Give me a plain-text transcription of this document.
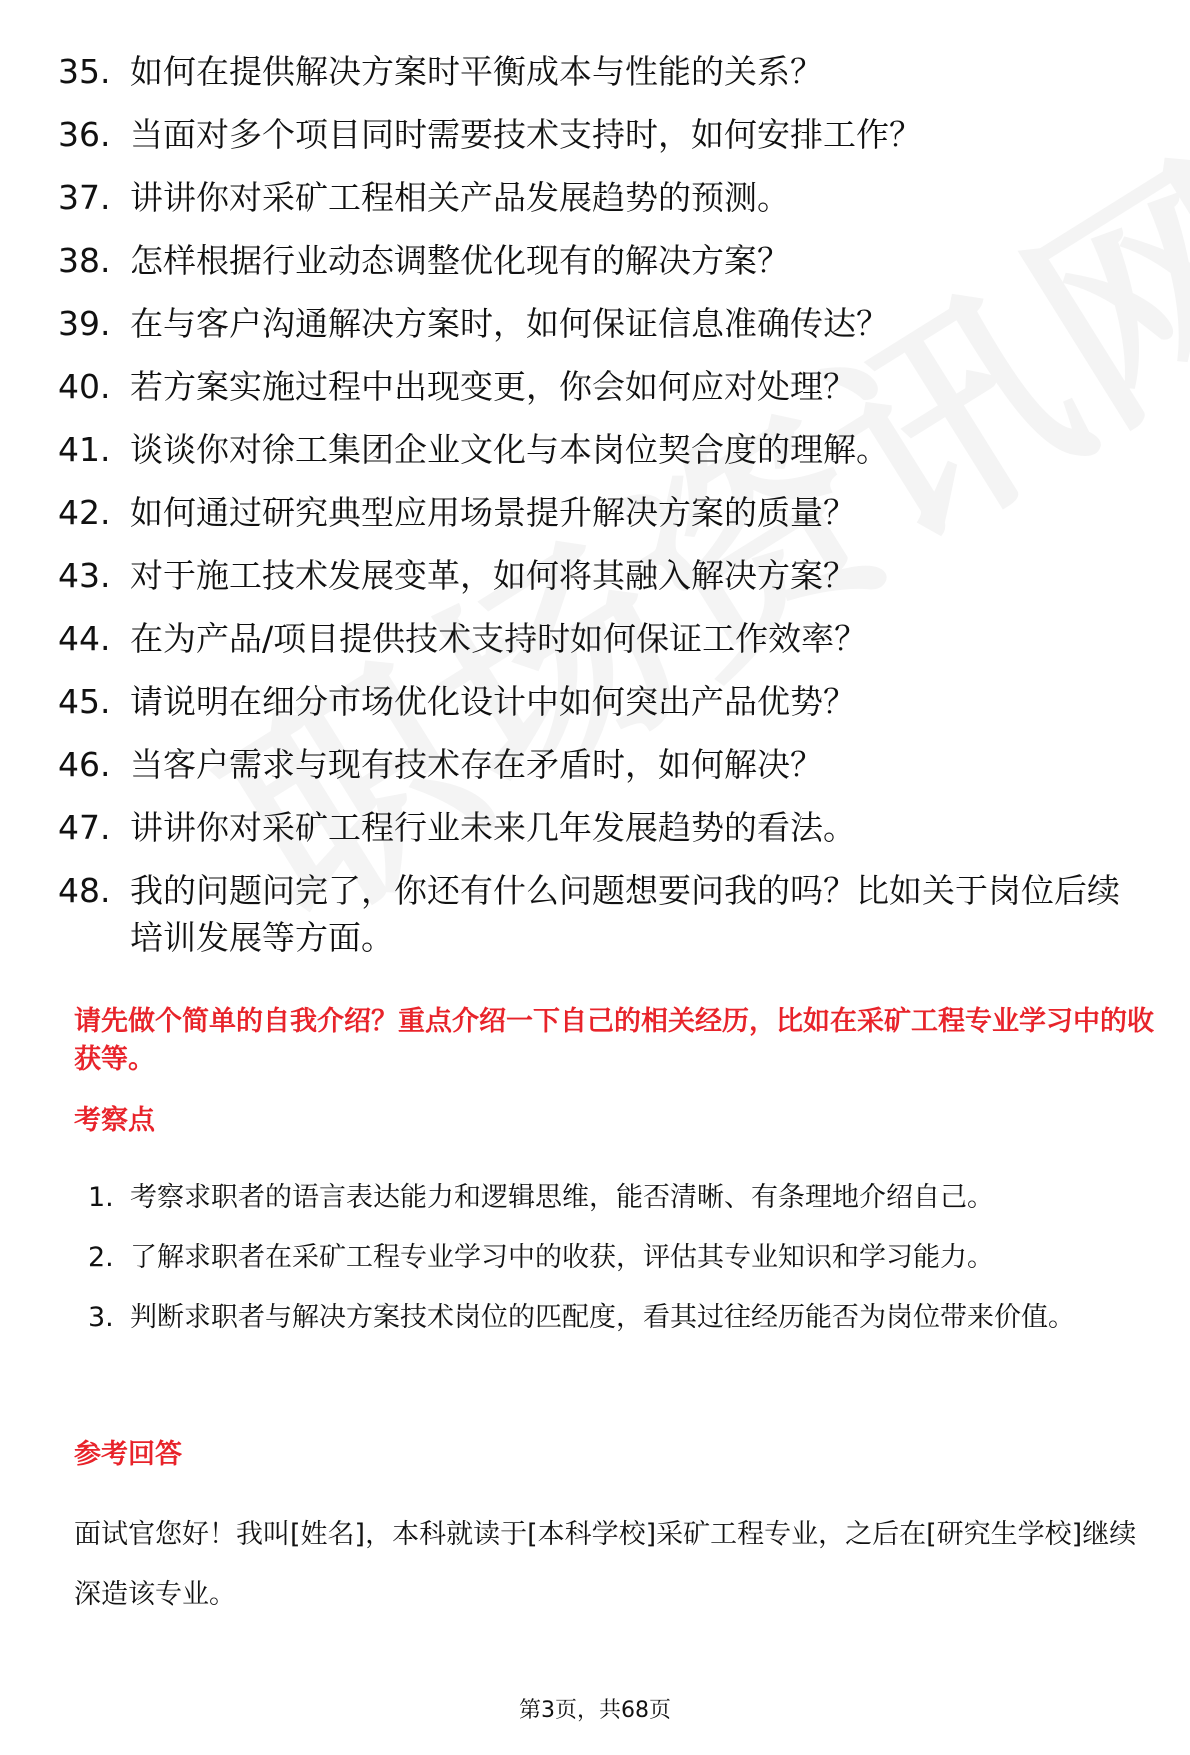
35. 如何在提供解决方案时平衡成本与性能的关系？
36. 当面对多个项目同时需要技术支持时，如何安排工作？
37. 讲讲你对采矿工程相关产品发展趋势的预测。
38. 怎样根据行业动态调整优化现有的解决方案？
39. 在与客户沟通解决方案时，如何保证信息准确传达？
40. 若方案实施过程中出现变更，你会如何应对处理？
41. 谈谈你对徐工集团企业文化与本岗位契合度的理解。
42. 如何通过研究典型应用场景提升解决方案的质量？
43. 对于施工技术发展变革，如何将其融入解决方案？
44. 在为产品/项目提供技术支持时如何保证工作效率？
45. 请说明在细分市场优化设计中如何突出产品优势？
46. 当客户需求与现有技术存在矛盾时，如何解决？
47. 讲讲你对采矿工程行业未来几年发展趋势的看法。
48. 我的问题问完了，你还有什么问题想要问我的吗？比如关于岗位后续培训发展等方面。

请先做个简单的自我介绍？重点介绍一下自己的相关经历，比如在采矿工程专业学习中的收获等。

考察点
1. 考察求职者的语言表达能力和逻辑思维，能否清晰、有条理地介绍自己。
2. 了解求职者在采矿工程专业学习中的收获，评估其专业知识和学习能力。
3. 判断求职者与解决方案技术岗位的匹配度，看其过往经历能否为岗位带来价值。
参考回答

面试官您好！我叫[姓名]，本科就读于[本科学校]采矿工程专业，之后在[研究生学校]继续深造该专业。

第3页，共68页
